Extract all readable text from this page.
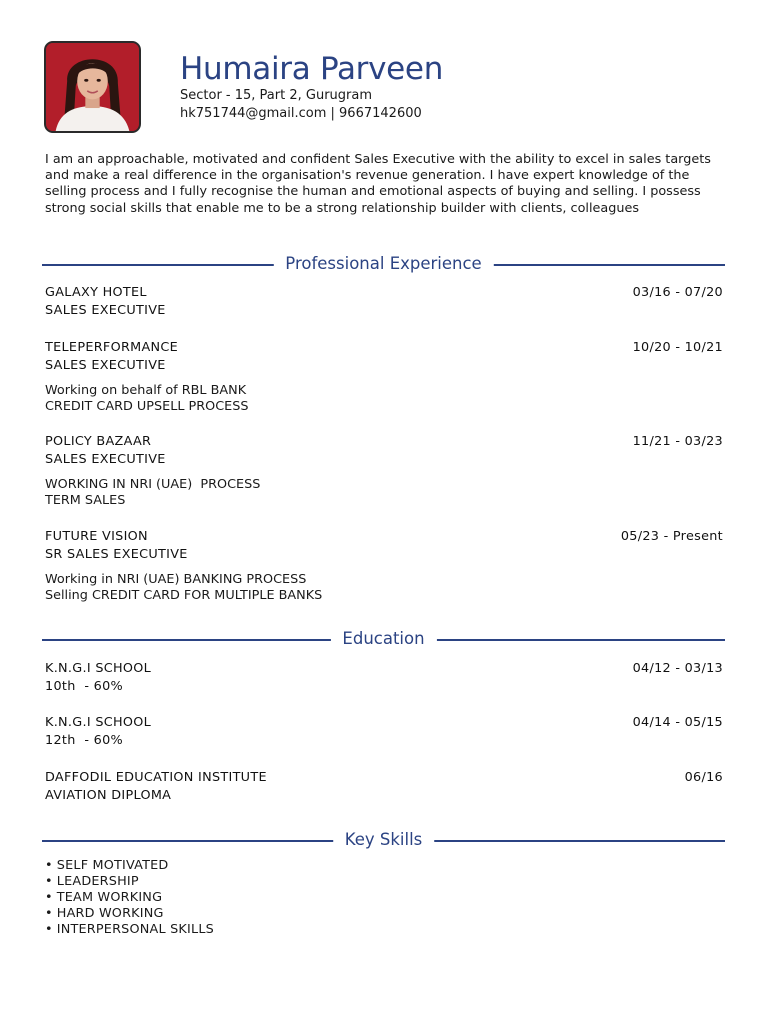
Humaira Parveen
Sector - 15, Part 2, Gurugram
hk751744@gmail.com | 9667142600

I am an approachable, motivated and confident Sales Executive with the ability to excel in sales targets and make a real difference in the organisation's revenue generation. I have expert knowledge of the selling process and I fully recognise the human and emotional aspects of buying and selling. I possess strong social skills that enable me to be a strong relationship builder with clients, colleagues

Professional Experience
GALAXY HOTEL
SALES EXECUTIVE
03/16 - 07/20
TELEPERFORMANCE
SALES EXECUTIVE
10/20 - 10/21
Working on behalf of RBL BANK
CREDIT CARD UPSELL PROCESS
POLICY BAZAAR
SALES EXECUTIVE
11/21 - 03/23
WORKING IN NRI (UAE)  PROCESS
TERM SALES
FUTURE VISION
SR SALES EXECUTIVE
05/23 - Present
Working in NRI (UAE) BANKING PROCESS
Selling CREDIT CARD FOR MULTIPLE BANKS
Education
K.N.G.I SCHOOL
10th  - 60%
04/12 - 03/13
K.N.G.I SCHOOL
12th  - 60%
04/14 - 05/15
DAFFODIL EDUCATION INSTITUTE
AVIATION DIPLOMA
06/16
Key Skills
• SELF MOTIVATED
• LEADERSHIP
• TEAM WORKING
• HARD WORKING
• INTERPERSONAL SKILLS
